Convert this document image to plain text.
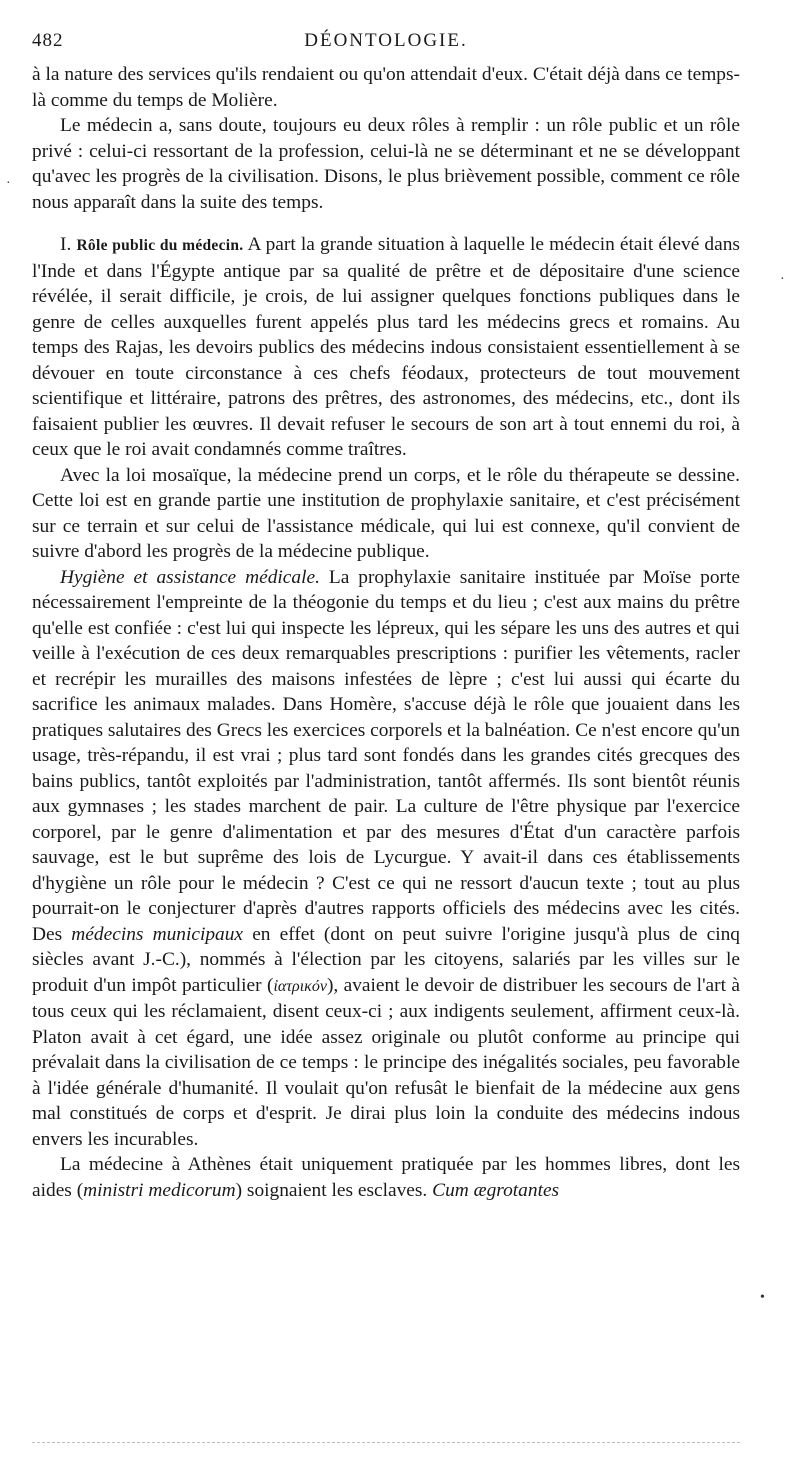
482	DÉONTOLOGIE.

à la nature des services qu'ils rendaient ou qu'on attendait d'eux. C'était déjà dans ce temps-là comme du temps de Molière.

Le médecin a, sans doute, toujours eu deux rôles à remplir : un rôle public et un rôle privé : celui-ci ressortant de la profession, celui-là ne se déterminant et ne se développant qu'avec les progrès de la civilisation. Disons, le plus brièvement possible, comment ce rôle nous apparaît dans la suite des temps.

I. Rôle public du médecin. A part la grande situation à laquelle le médecin était élevé dans l'Inde et dans l'Égypte antique par sa qualité de prêtre et de dépositaire d'une science révélée, il serait difficile, je crois, de lui assigner quelques fonctions publiques dans le genre de celles auxquelles furent appelés plus tard les médecins grecs et romains. Au temps des Rajas, les devoirs publics des médecins indous consistaient essentiellement à se dévouer en toute circonstance à ces chefs féodaux, protecteurs de tout mouvement scientifique et littéraire, patrons des prêtres, des astronomes, des médecins, etc., dont ils faisaient publier les œuvres. Il devait refuser le secours de son art à tout ennemi du roi, à ceux que le roi avait condamnés comme traîtres.

Avec la loi mosaïque, la médecine prend un corps, et le rôle du thérapeute se dessine. Cette loi est en grande partie une institution de prophylaxie sanitaire, et c'est précisément sur ce terrain et sur celui de l'assistance médicale, qui lui est connexe, qu'il convient de suivre d'abord les progrès de la médecine publique.

Hygiène et assistance médicale. La prophylaxie sanitaire instituée par Moïse porte nécessairement l'empreinte de la théogonie du temps et du lieu ; c'est aux mains du prêtre qu'elle est confiée : c'est lui qui inspecte les lépreux, qui les sépare les uns des autres et qui veille à l'exécution de ces deux remarquables prescriptions : purifier les vêtements, racler et recrépir les murailles des maisons infestées de lèpre ; c'est lui aussi qui écarte du sacrifice les animaux malades. Dans Homère, s'accuse déjà le rôle que jouaient dans les pratiques salutaires des Grecs les exercices corporels et la balnéation. Ce n'est encore qu'un usage, très-répandu, il est vrai ; plus tard sont fondés dans les grandes cités grecques des bains publics, tantôt exploités par l'administration, tantôt affermés. Ils sont bientôt réunis aux gymnases ; les stades marchent de pair. La culture de l'être physique par l'exercice corporel, par le genre d'alimentation et par des mesures d'État d'un caractère parfois sauvage, est le but suprême des lois de Lycurgue. Y avait-il dans ces établissements d'hygiène un rôle pour le médecin ? C'est ce qui ne ressort d'aucun texte ; tout au plus pourrait-on le conjecturer d'après d'autres rapports officiels des médecins avec les cités. Des médecins municipaux en effet (dont on peut suivre l'origine jusqu'à plus de cinq siècles avant J.-C.), nommés à l'élection par les citoyens, salariés par les villes sur le produit d'un impôt particulier (ἰατρικόν), avaient le devoir de distribuer les secours de l'art à tous ceux qui les réclamaient, disent ceux-ci ; aux indigents seulement, affirment ceux-là. Platon avait à cet égard, une idée assez originale ou plutôt conforme au principe qui prévalait dans la civilisation de ce temps : le principe des inégalités sociales, peu favorable à l'idée générale d'humanité. Il voulait qu'on refusât le bienfait de la médecine aux gens mal constitués de corps et d'esprit. Je dirai plus loin la conduite des médecins indous envers les incurables.

La médecine à Athènes était uniquement pratiquée par les hommes libres, dont les aides (ministri medicorum) soignaient les esclaves. Cum ægrotantes

·
·
•
